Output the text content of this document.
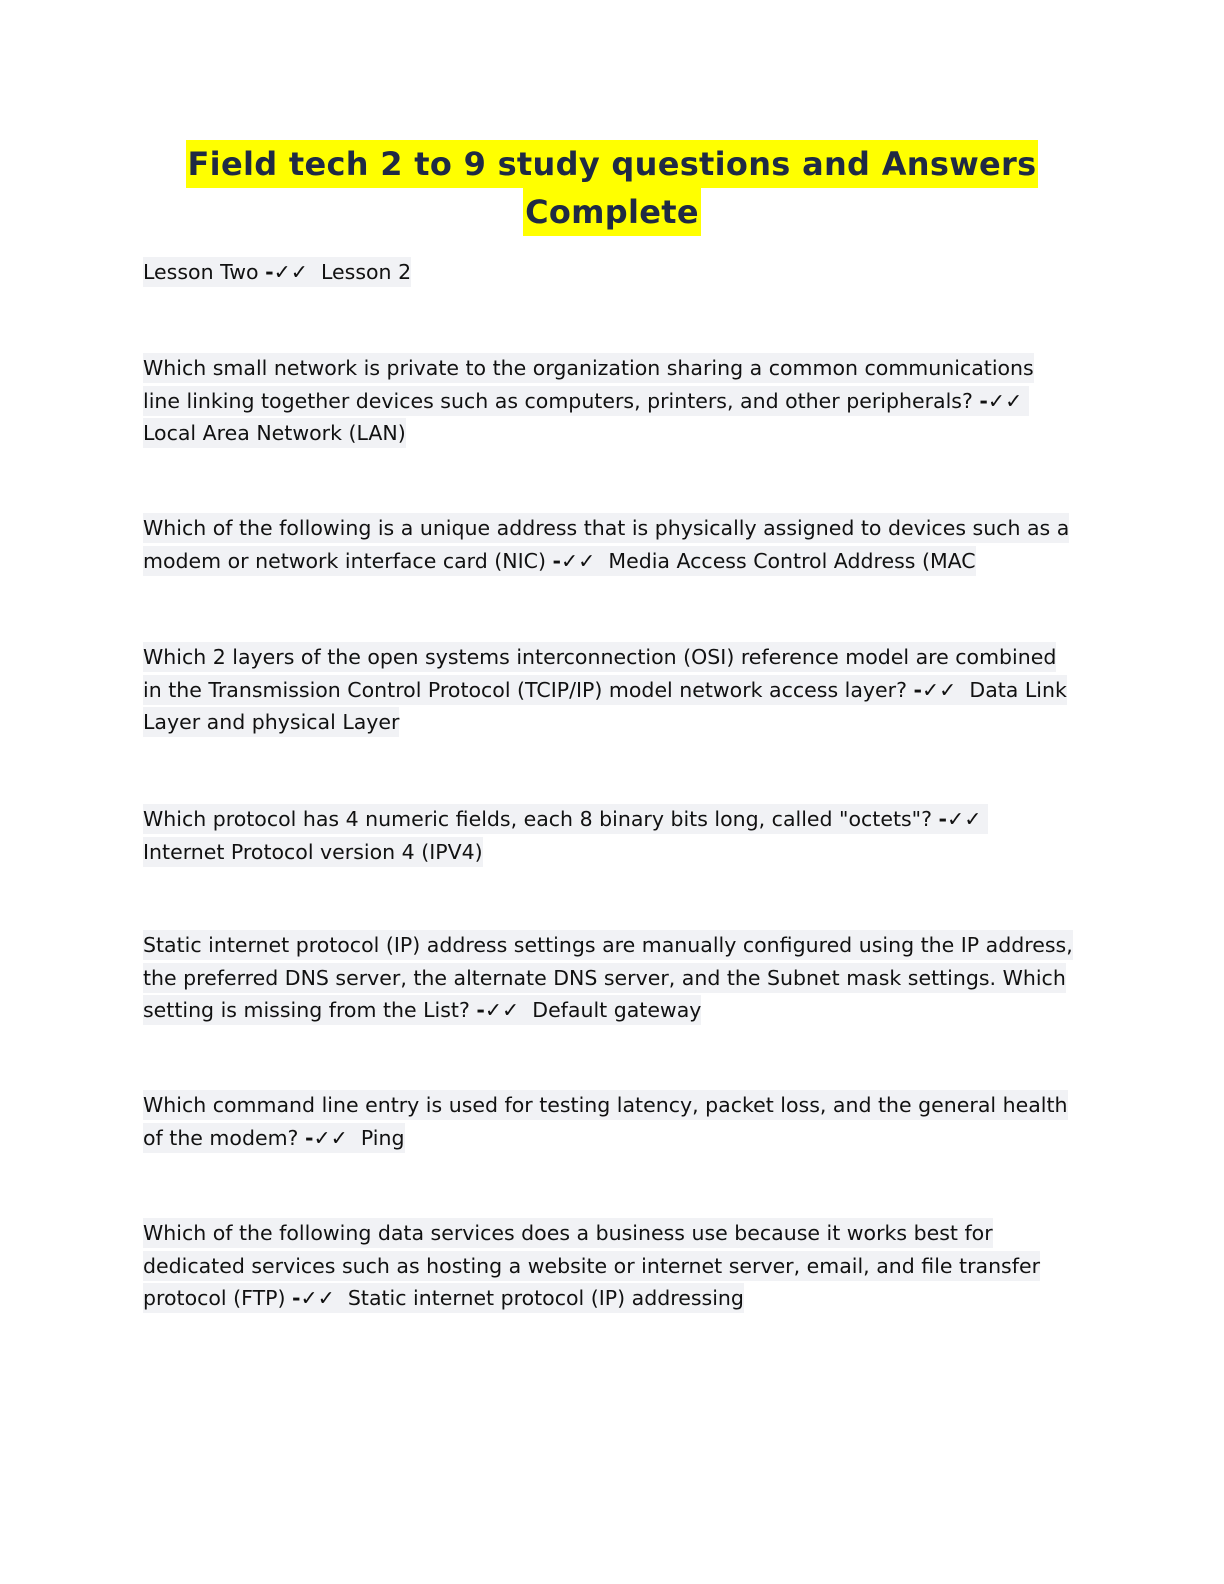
Field tech 2 to 9 study questions and Answers
Complete
Lesson Two -✓✓ Lesson 2
Which small network is private to the organization sharing a common communications line linking together devices such as computers, printers, and other peripherals? -✓✓  Local Area Network (LAN)
Which of the following is a unique address that is physically assigned to devices such as a modem or network interface card (NIC) -✓✓ Media Access Control Address (MAC
Which 2 layers of the open systems interconnection (OSI) reference model are combined in the Transmission Control Protocol (TCIP/IP) model network access layer? -✓✓ Data Link Layer and physical Layer
Which protocol has 4 numeric fields, each 8 binary bits long, called "octets"? -✓✓  Internet Protocol version 4 (IPV4)
Static internet protocol (IP) address settings are manually configured using the IP address, the preferred DNS server, the alternate DNS server, and the Subnet mask settings. Which setting is missing from the List? -✓✓ Default gateway
Which command line entry is used for testing latency, packet loss, and the general health of the modem? -✓✓ Ping
Which of the following data services does a business use because it works best for dedicated services such as hosting a website or internet server, email, and file transfer protocol (FTP) -✓✓ Static internet protocol (IP) addressing
